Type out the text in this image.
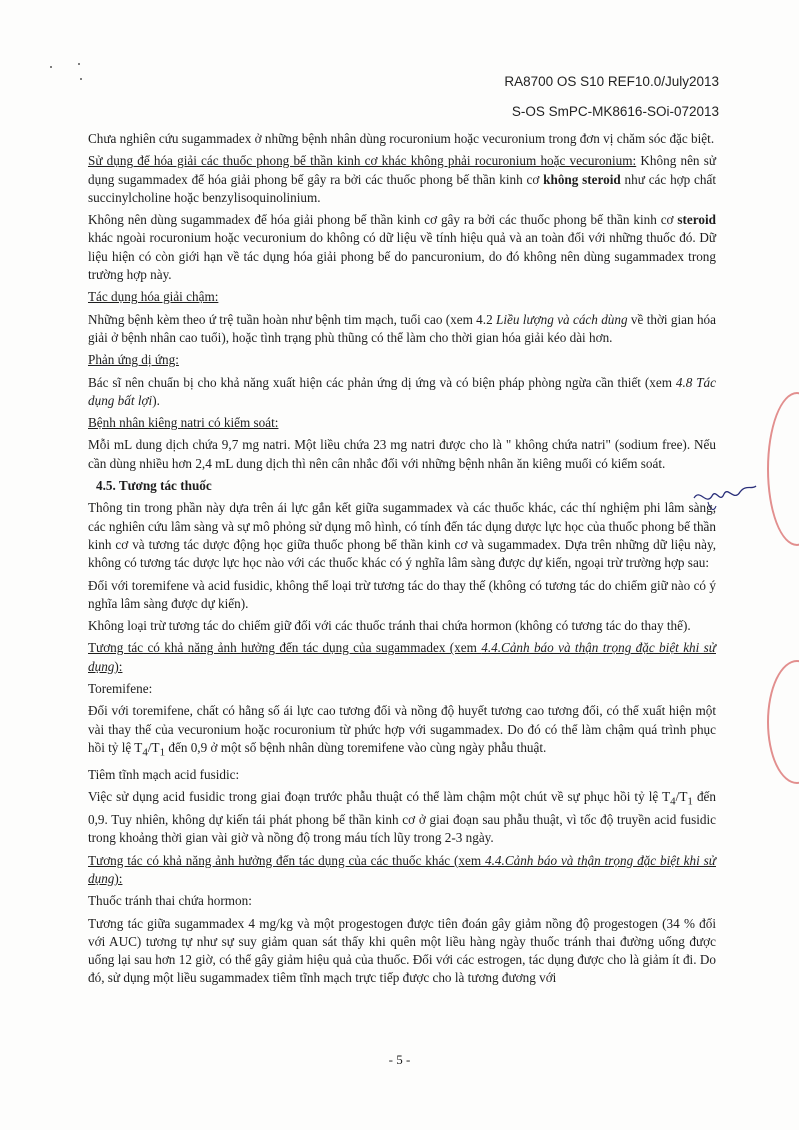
RA8700 OS S10 REF10.0/July2013
S-OS SmPC-MK8616-SOi-072013

Chưa nghiên cứu sugammadex ở những bệnh nhân dùng rocuronium hoặc vecuronium trong đơn vị chăm sóc đặc biệt.

Sử dụng để hóa giải các thuốc phong bế thần kinh cơ khác không phải rocuronium hoặc vecuronium: Không nên sử dụng sugammadex để hóa giải phong bế gây ra bởi các thuốc phong bế thần kinh cơ không steroid như các hợp chất succinylcholine hoặc benzylisoquinolinium.

Không nên dùng sugammadex để hóa giải phong bế thần kinh cơ gây ra bởi các thuốc phong bế thần kinh cơ steroid khác ngoài rocuronium hoặc vecuronium do không có dữ liệu về tính hiệu quả và an toàn đối với những thuốc đó. Dữ liệu hiện có còn giới hạn về tác dụng hóa giải phong bế do pancuronium, do đó không nên dùng sugammadex trong trường hợp này.

Tác dụng hóa giải chậm:

Những bệnh kèm theo ứ trệ tuần hoàn như bệnh tim mạch, tuổi cao (xem 4.2 Liều lượng và cách dùng về thời gian hóa giải ở bệnh nhân cao tuổi), hoặc tình trạng phù thũng có thể làm cho thời gian hóa giải kéo dài hơn.

Phản ứng dị ứng:

Bác sĩ nên chuẩn bị cho khả năng xuất hiện các phản ứng dị ứng và có biện pháp phòng ngừa cần thiết (xem 4.8 Tác dụng bất lợi).

Bệnh nhân kiêng natri có kiểm soát:

Mỗi mL dung dịch chứa 9,7 mg natri. Một liều chứa 23 mg natri được cho là " không chứa natri" (sodium free). Nếu cần dùng nhiều hơn 2,4 mL dung dịch thì nên cân nhắc đối với những bệnh nhân ăn kiêng muối có kiểm soát.

4.5. Tương tác thuốc

Thông tin trong phần này dựa trên ái lực gắn kết giữa sugammadex và các thuốc khác, các thí nghiệm phi lâm sàng, các nghiên cứu lâm sàng và sự mô phỏng sử dụng mô hình, có tính đến tác dụng dược lực học của thuốc phong bế thần kinh cơ và tương tác dược động học giữa thuốc phong bế thần kinh cơ và sugammadex. Dựa trên những dữ liệu này, không có tương tác dược lực học nào với các thuốc khác có ý nghĩa lâm sàng được dự kiến, ngoại trừ trường hợp sau:

Đối với toremifene và acid fusidic, không thể loại trừ tương tác do thay thế (không có tương tác do chiếm giữ nào có ý nghĩa lâm sàng được dự kiến).

Không loại trừ tương tác do chiếm giữ đối với các thuốc tránh thai chứa hormon (không có tương tác do thay thế).

Tương tác có khả năng ảnh hưởng đến tác dụng của sugammadex (xem 4.4.Cảnh báo và thận trọng đặc biệt khi sử dụng):

Toremifene:

Đối với toremifene, chất có hằng số ái lực cao tương đối và nồng độ huyết tương cao tương đối, có thể xuất hiện một vài thay thế của vecuronium hoặc rocuronium từ phức hợp với sugammadex. Do đó có thể làm chậm quá trình phục hồi tỷ lệ $T_4/T_1$ đến 0,9 ở một số bệnh nhân dùng toremifene vào cùng ngày phẫu thuật.

Tiêm tĩnh mạch acid fusidic:

Việc sử dụng acid fusidic trong giai đoạn trước phẫu thuật có thể làm chậm một chút về sự phục hồi tỷ lệ $T_4/T_1$ đến 0,9. Tuy nhiên, không dự kiến tái phát phong bế thần kinh cơ ở giai đoạn sau phẫu thuật, vì tốc độ truyền acid fusidic trong khoảng thời gian vài giờ và nồng độ trong máu tích lũy trong 2-3 ngày.

Tương tác có khả năng ảnh hưởng đến tác dụng của các thuốc khác (xem 4.4.Cảnh báo và thận trọng đặc biệt khi sử dụng):

Thuốc tránh thai chứa hormon:

Tương tác giữa sugammadex 4 mg/kg và một progestogen được tiên đoán gây giảm nồng độ progestogen (34 % đối với AUC) tương tự như sự suy giảm quan sát thấy khi quên một liều hàng ngày thuốc tránh thai đường uống được uống lại sau hơn 12 giờ, có thể gây giảm hiệu quả của thuốc. Đối với các estrogen, tác dụng được cho là giảm ít đi. Do đó, sử dụng một liều sugammadex tiêm tĩnh mạch trực tiếp được cho là tương đương với

- 5 -
